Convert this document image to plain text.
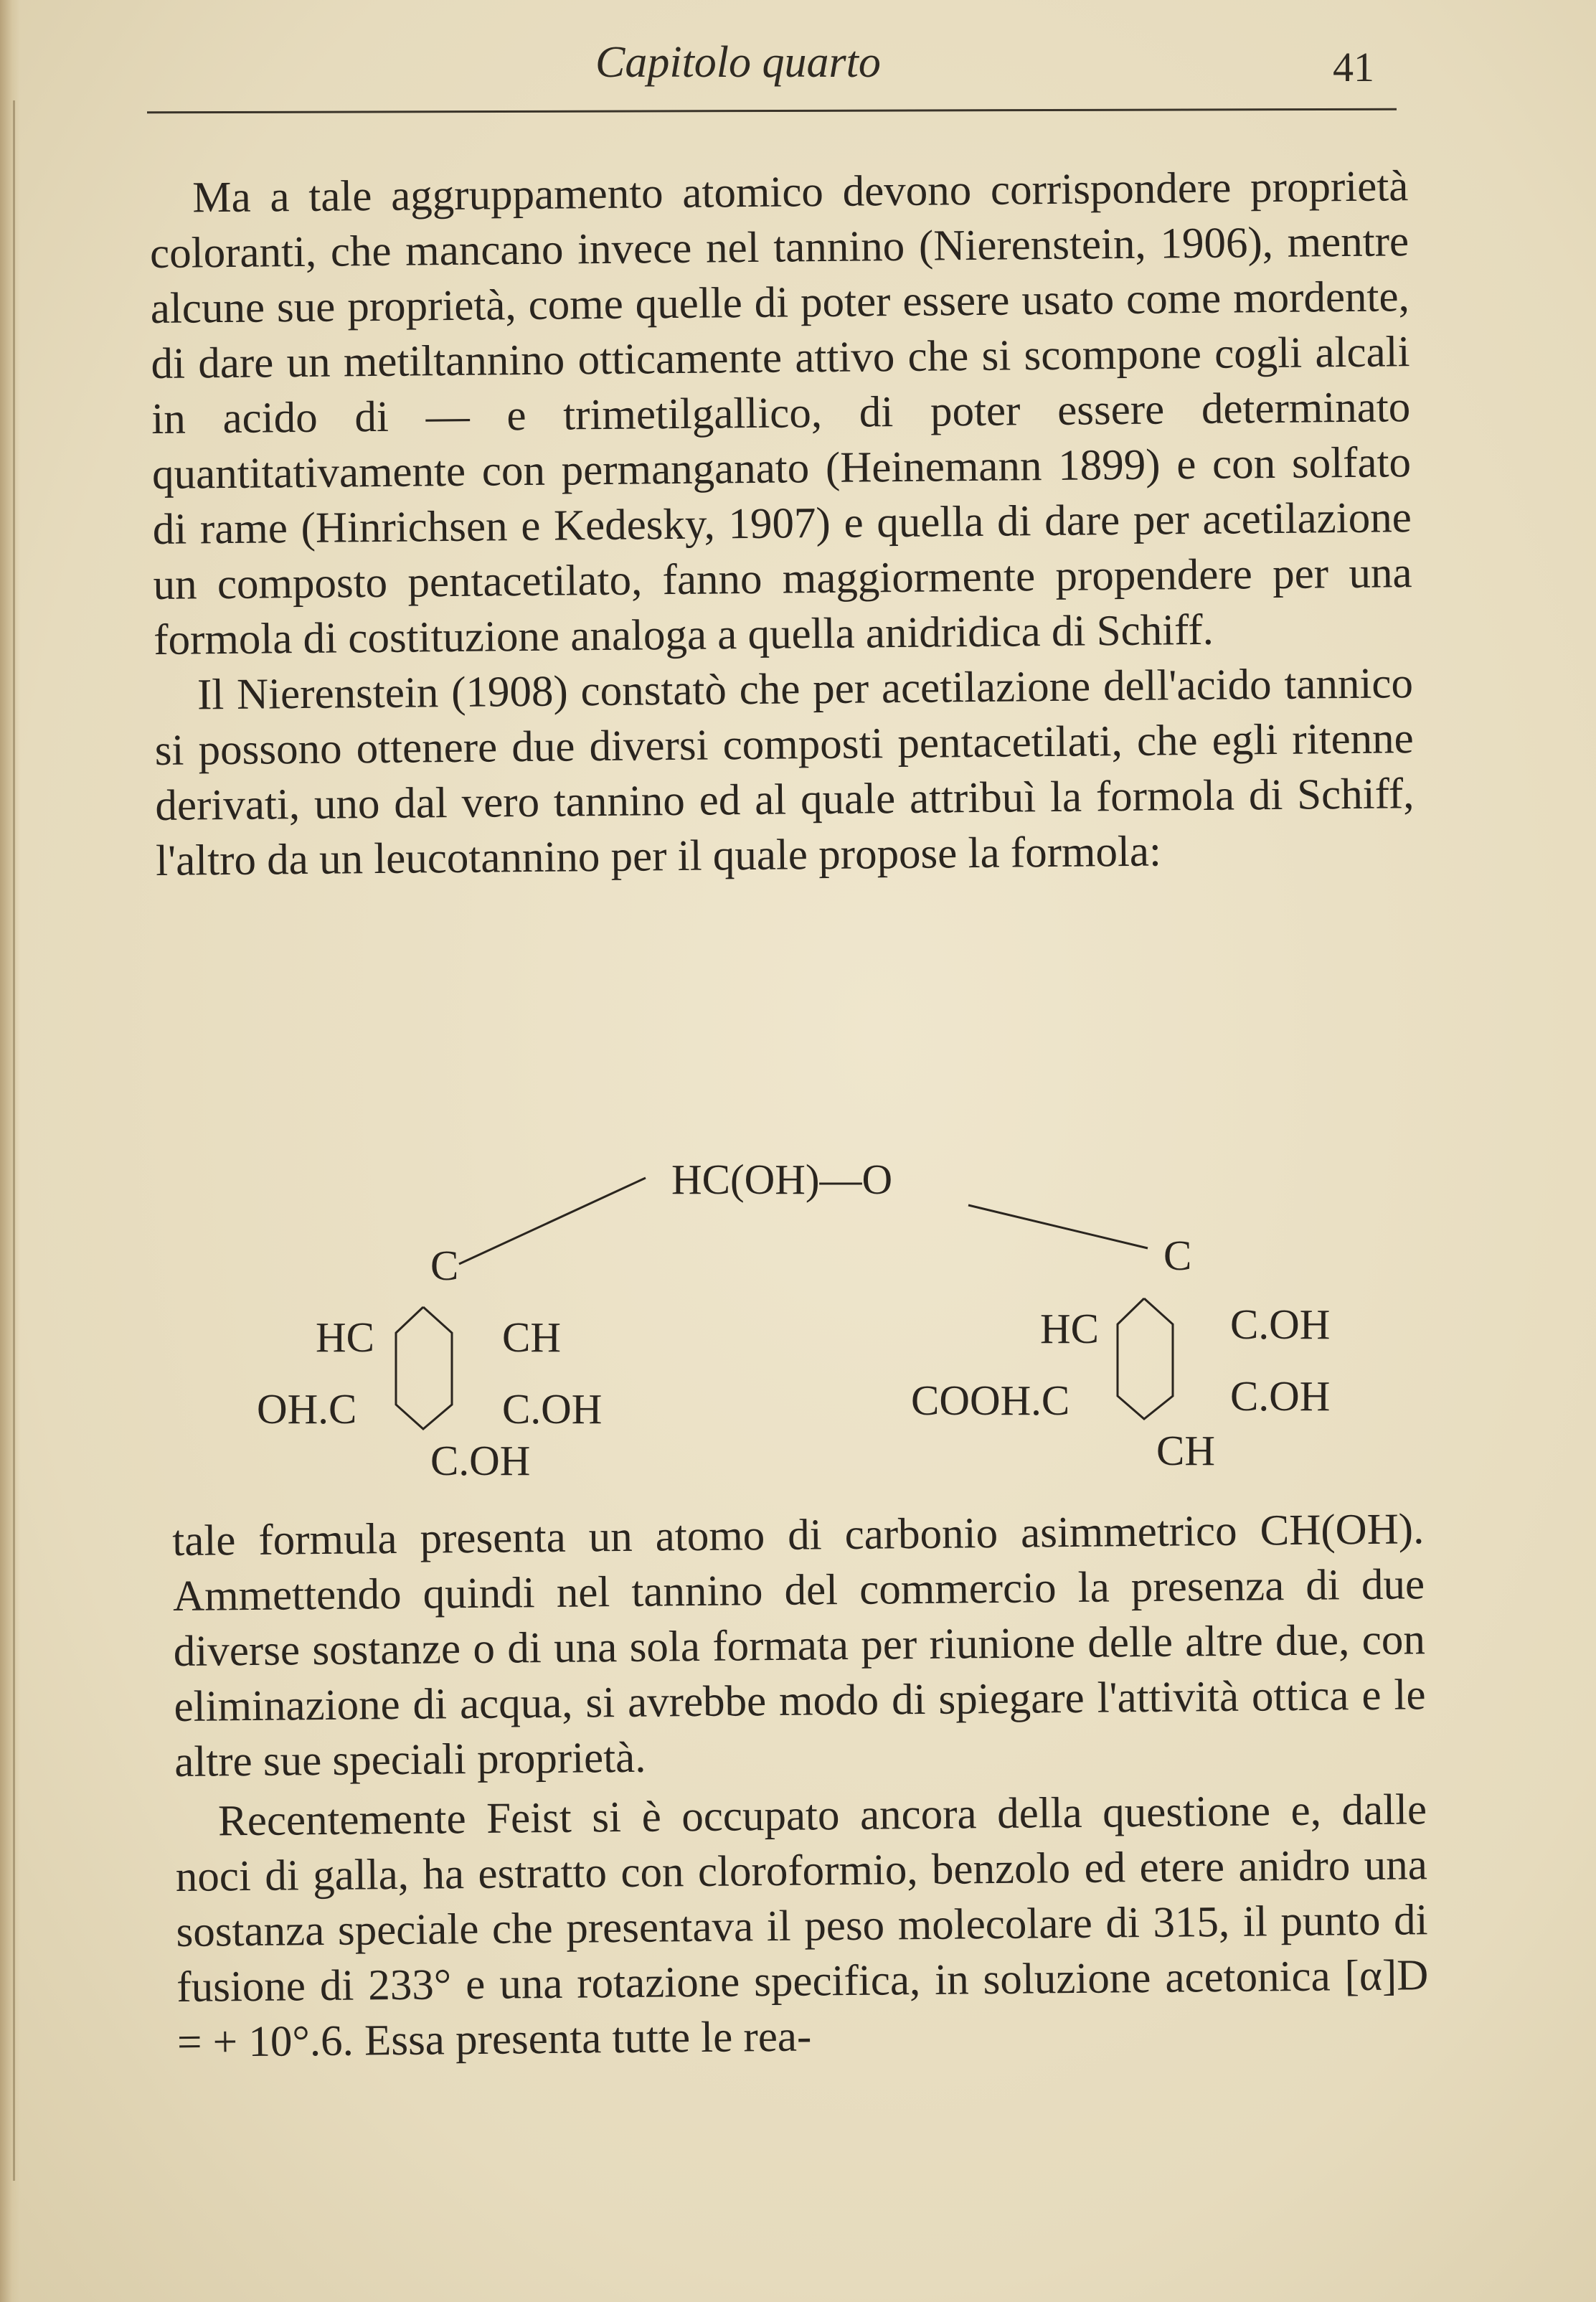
Capitolo quarto	41

Ma a tale aggruppamento atomico devono corrispondere proprietà coloranti, che mancano invece nel tannino (Nierenstein, 1906), mentre alcune sue proprietà, come quelle di poter essere usato come mordente, di dare un metiltannino otticamente attivo che si scompone cogli alcali in acido di — e trimetilgallico, di poter essere determinato quantitativamente con permanganato (Heinemann 1899) e con solfato di rame (Hinrichsen e Kedesky, 1907) e quella di dare per acetilazione un composto pentacetilato, fanno maggiormente propendere per una formola di costituzione analoga a quella anidridica di Schiff.

Il Nierenstein (1908) constatò che per acetilazione dell'acido tannico si possono ottenere due diversi composti pentacetilati, che egli ritenne derivati, uno dal vero tannino ed al quale attribuì la formola di Schiff, l'altro da un leucotannino per il quale propose la formola:

HC(OH)—O
C
HC	CH
OH.C	C.OH
C.OH
C
HC	C.OH
COOH.C	C.OH
CH

tale formula presenta un atomo di carbonio asimmetrico CH(OH). Ammettendo quindi nel tannino del commercio la presenza di due diverse sostanze o di una sola formata per riunione delle altre due, con eliminazione di acqua, si avrebbe modo di spiegare l'attività ottica e le altre sue speciali proprietà.

Recentemente Feist si è occupato ancora della questione e, dalle noci di galla, ha estratto con cloroformio, benzolo ed etere anidro una sostanza speciale che presentava il peso molecolare di 315, il punto di fusione di 233° e una rotazione specifica, in soluzione acetonica [α]D = + 10°.6. Essa presenta tutte le rea-
